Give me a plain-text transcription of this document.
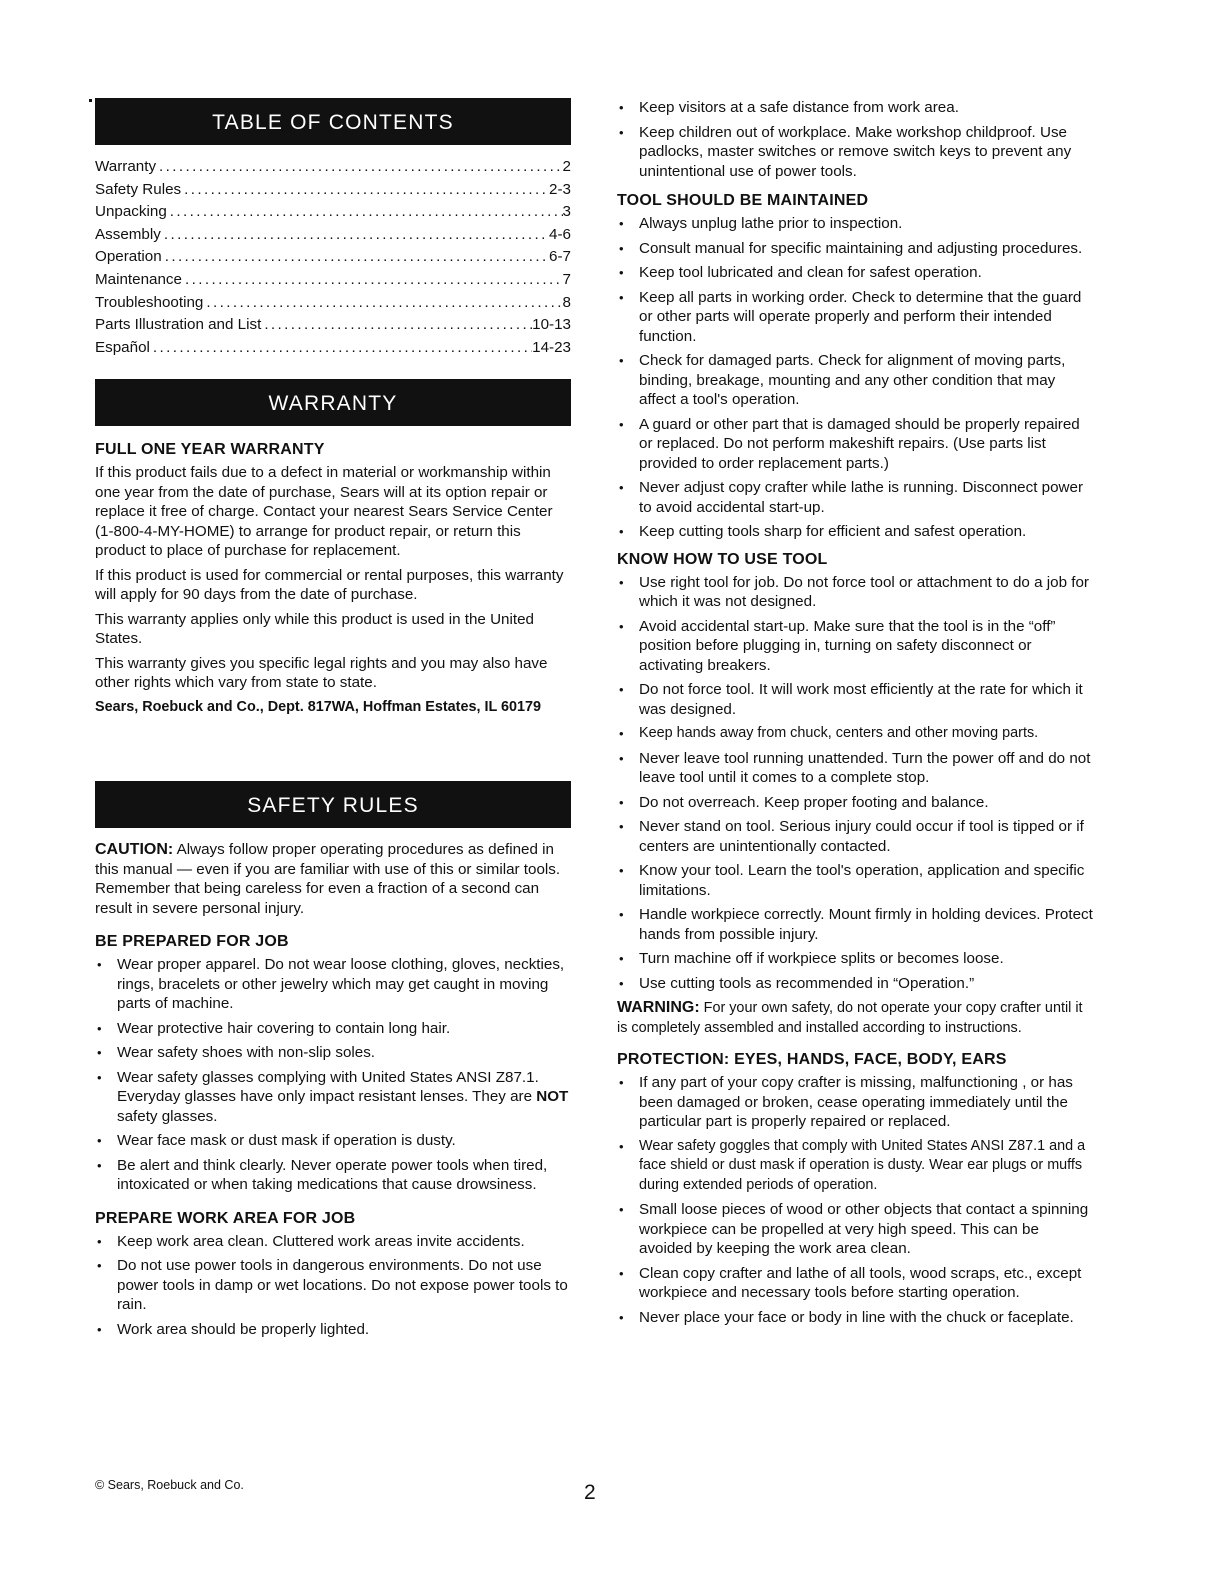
TABLE OF CONTENTS
Warranty .....	2
Safety Rules .....	2-3
Unpacking .....	3
Assembly .....	4-6
Operation .....	6-7
Maintenance .....	7
Troubleshooting .....	8
Parts Illustration and List .....	10-13
Español .....	14-23
WARRANTY
FULL ONE YEAR WARRANTY

If this product fails due to a defect in material or workmanship within one year from the date of purchase, Sears will at its option repair or replace it free of charge. Contact your nearest Sears Service Center (1-800-4-MY-HOME) to arrange for product repair, or return this product to place of purchase for replacement.

If this product is used for commercial or rental purposes, this warranty will apply for 90 days from the date of purchase.

This warranty applies only while this product is used in the United States.

This warranty gives you specific legal rights and you may also have other rights which vary from state to state.

Sears, Roebuck and Co., Dept. 817WA, Hoffman Estates, IL 60179

SAFETY RULES

CAUTION: Always follow proper operating procedures as defined in this manual — even if you are familiar with use of this or similar tools. Remember that being careless for even a fraction of a second can result in severe personal injury.

BE PREPARED FOR JOB
• Wear proper apparel. Do not wear loose clothing, gloves, neckties, rings, bracelets or other jewelry which may get caught in moving parts of machine.
• Wear protective hair covering to contain long hair.
• Wear safety shoes with non-slip soles.
• Wear safety glasses complying with United States ANSI Z87.1. Everyday glasses have only impact resistant lenses. They are NOT safety glasses.
• Wear face mask or dust mask if operation is dusty.
• Be alert and think clearly. Never operate power tools when tired, intoxicated or when taking medications that cause drowsiness.
PREPARE WORK AREA FOR JOB
• Keep work area clean. Cluttered work areas invite accidents.
• Do not use power tools in dangerous environments. Do not use power tools in damp or wet locations. Do not expose power tools to rain.
• Work area should be properly lighted.
• Keep visitors at a safe distance from work area.
• Keep children out of workplace. Make workshop childproof. Use padlocks, master switches or remove switch keys to prevent any unintentional use of power tools.
TOOL SHOULD BE MAINTAINED
• Always unplug lathe prior to inspection.
• Consult manual for specific maintaining and adjusting procedures.
• Keep tool lubricated and clean for safest operation.
• Keep all parts in working order. Check to determine that the guard or other parts will operate properly and perform their intended function.
• Check for damaged parts. Check for alignment of moving parts, binding, breakage, mounting and any other condition that may affect a tool's operation.
• A guard or other part that is damaged should be properly repaired or replaced. Do not perform makeshift repairs. (Use parts list provided to order replacement parts.)
• Never adjust copy crafter while lathe is running. Disconnect power to avoid accidental start-up.
• Keep cutting tools sharp for efficient and safest operation.
KNOW HOW TO USE TOOL
• Use right tool for job. Do not force tool or attachment to do a job for which it was not designed.
• Avoid accidental start-up. Make sure that the tool is in the “off” position before plugging in, turning on safety disconnect or activating breakers.
• Do not force tool. It will work most efficiently at the rate for which it was designed.
• Keep hands away from chuck, centers and other moving parts.
• Never leave tool running unattended. Turn the power off and do not leave tool until it comes to a complete stop.
• Do not overreach. Keep proper footing and balance.
• Never stand on tool. Serious injury could occur if tool is tipped or if centers are unintentionally contacted.
• Know your tool. Learn the tool's operation, application and specific limitations.
• Handle workpiece correctly. Mount firmly in holding devices. Protect hands from possible injury.
• Turn machine off if workpiece splits or becomes loose.
• Use cutting tools as recommended in “Operation.”

WARNING: For your own safety, do not operate your copy crafter until it is completely assembled and installed according to instructions.

PROTECTION: EYES, HANDS, FACE, BODY, EARS
• If any part of your copy crafter is missing, malfunctioning , or has been damaged or broken, cease operating immediately until the particular part is properly repaired or replaced.
• Wear safety goggles that comply with United States ANSI Z87.1 and a face shield or dust mask if operation is dusty. Wear ear plugs or muffs during extended periods of operation.
• Small loose pieces of wood or other objects that contact a spinning workpiece can be propelled at very high speed. This can be avoided by keeping the work area clean.
• Clean copy crafter and lathe of all tools, wood scraps, etc., except workpiece and necessary tools before starting operation.
• Never place your face or body in line with the chuck or faceplate.
© Sears, Roebuck and Co.	2
